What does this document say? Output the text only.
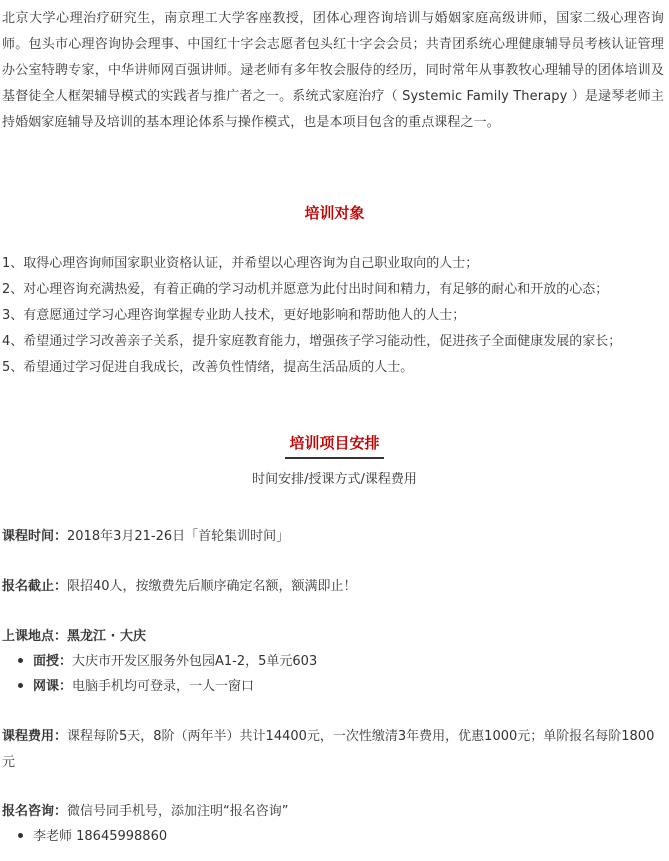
北京大学心理治疗研究生，南京理工大学客座教授，团体心理咨询培训与婚姻家庭高级讲师，国家二级心理咨询师。包头市心理咨询协会理事、中国红十字会志愿者包头红十字会会员；共青团系统心理健康辅导员考核认证管理办公室特聘专家，中华讲师网百强讲师。逯老师有多年牧会服侍的经历，同时常年从事教牧心理辅导的团体培训及基督徒全人框架辅导模式的实践者与推广者之一。系统式家庭治疗（ Systemic Family Therapy ）是逯琴老师主持婚姻家庭辅导及培训的基本理论体系与操作模式，也是本项目包含的重点课程之一。

培训对象
1、取得心理咨询师国家职业资格认证，并希望以心理咨询为自己职业取向的人士；
2、对心理咨询充满热爱，有着正确的学习动机并愿意为此付出时间和精力，有足够的耐心和开放的心态；
3、有意愿通过学习心理咨询掌握专业助人技术，更好地影响和帮助他人的人士；
4、希望通过学习改善亲子关系，提升家庭教育能力，增强孩子学习能动性，促进孩子全面健康发展的家长；
5、希望通过学习促进自我成长，改善负性情绪，提高生活品质的人士。
培训项目安排
时间安排/授课方式/课程费用
课程时间：2018年3月21-26日「首轮集训时间」
报名截止：限招40人，按缴费先后顺序确定名额，额满即止！
上课地点：黑龙江 · 大庆
面授：大庆市开发区服务外包园A1-2，5单元603
网课：电脑手机均可登录，一人一窗口
课程费用：课程每阶5天，8阶（两年半）共计14400元，一次性缴清3年费用，优惠1000元；单阶报名每阶1800元
报名咨询：微信号同手机号，添加注明“报名咨询”
李老师 18645998860
